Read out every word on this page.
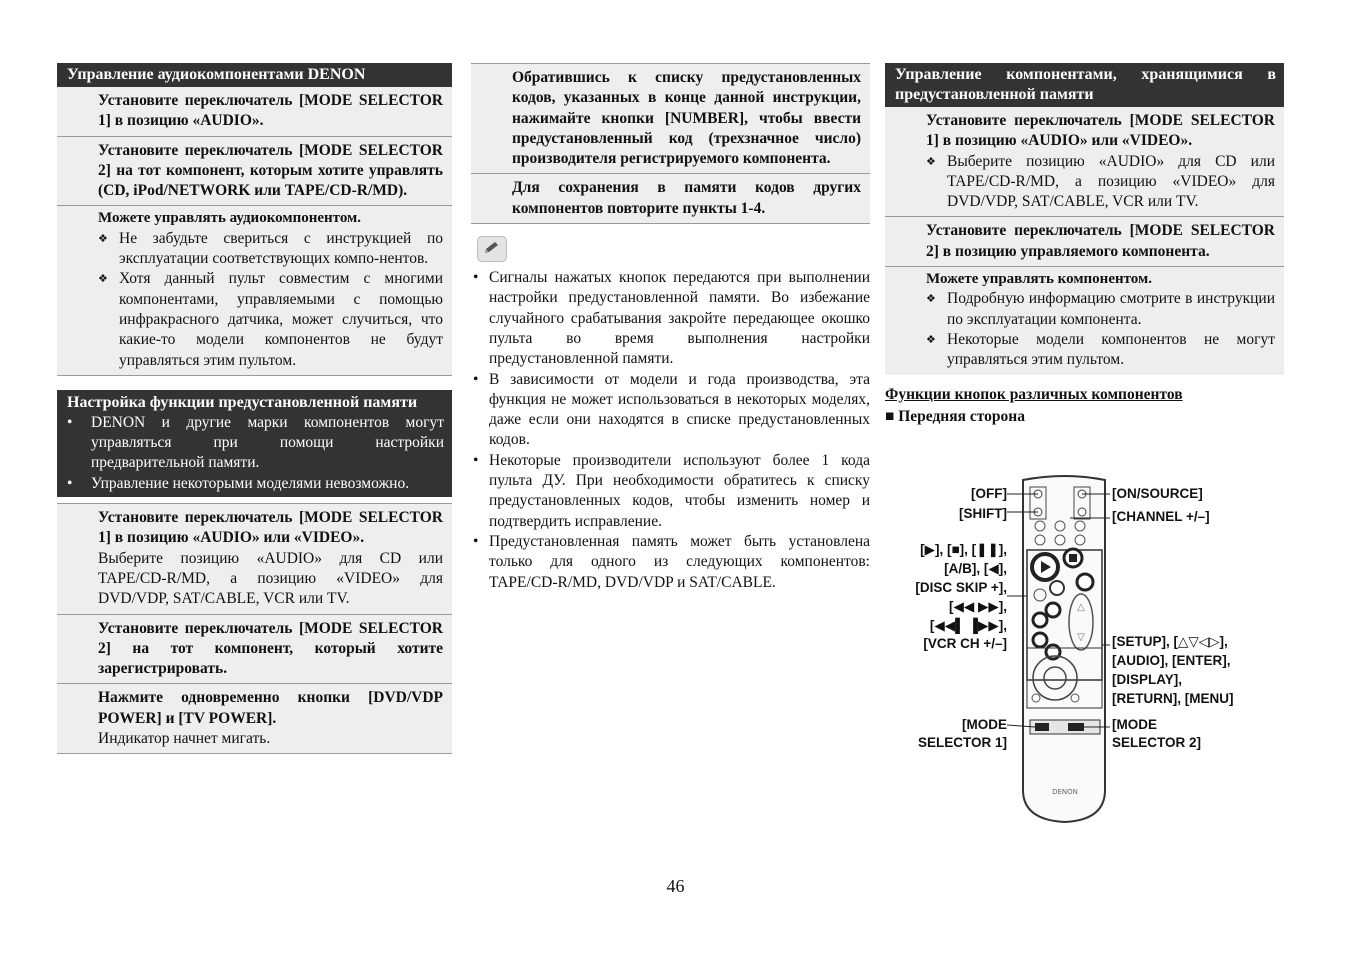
Управление аудиокомпонентами DENON
Установите переключатель [MODE SELECTOR 1] в позицию «AUDIO».
Установите переключатель [MODE SELECTOR 2] на тот компонент, которым хотите управлять (CD, iPod/NETWORK или TAPE/CD-R/MD).
Можете управлять аудиокомпонентом.
❖ Не забудьте свериться с инструкцией по эксплуатации соответствующих компо-нентов.
❖ Хотя данный пульт совместим с многими компонентами, управляемыми с помощью инфракрасного датчика, может случиться, что какие-то модели компонентов не будут управляться этим пультом.
Настройка функции предустановленной памяти
• DENON и другие марки компонентов могут управляться при помощи настройки предварительной памяти.
• Управление некоторыми моделями невозможно.
Установите переключатель [MODE SELECTOR 1] в позицию «AUDIO» или «VIDEO».
Выберите позицию «AUDIO» для CD или TAPE/CD-R/MD, а позицию «VIDEO» для DVD/VDP, SAT/CABLE, VCR или TV.
Установите переключатель [MODE SELECTOR 2] на тот компонент, который хотите зарегистрировать.
Нажмите одновременно кнопки [DVD/VDP POWER] и [TV POWER].
Индикатор начнет мигать.
Обратившись к списку предустановленных кодов, указанных в конце данной инструкции, нажимайте кнопки [NUMBER], чтобы ввести предустановленный код (трехзначное число) производителя регистрируемого компонента.
Для сохранения в памяти кодов других компонентов повторите пункты 1-4.
• Сигналы нажатых кнопок передаются при выполнении настройки предустановленной памяти. Во избежание случайного срабатывания закройте передающее окошко пульта во время выполнения настройки предустановленной памяти.
• В зависимости от модели и года производства, эта функция не может использоваться в некоторых моделях, даже если они находятся в списке предустановленных кодов.
• Некоторые производители используют более 1 кода пульта ДУ. При необходимости обратитесь к списку предустановленных кодов, чтобы изменить номер и подтвердить исправление.
• Предустановленная память может быть установлена только для одного из следующих компонентов: TAPE/CD-R/MD, DVD/VDP и SAT/CABLE.
Управление компонентами, хранящимися в предустановленной памяти
Установите переключатель [MODE SELECTOR 1] в позицию «AUDIO» или «VIDEO».
❖ Выберите позицию «AUDIO» для CD или TAPE/CD-R/MD, а позицию «VIDEO» для DVD/VDP, SAT/CABLE, VCR или TV.
Установите переключатель [MODE SELECTOR 2] в позицию управляемого компонента.
Можете управлять компонентом.
❖ Подробную информацию смотрите в инструкции по эксплуатации компонента.
❖ Некоторые модели компонентов не могут управляться этим пультом.
Функции кнопок различных компонентов
■ Передняя сторона
△
▽
DENON
[OFF]
[SHIFT]
[▶], [■], [❚❚],
[A/B], [◀],
[DISC SKIP +],
[◀◀ ▶▶],
[◀◀▌ ▐▶▶],
[VCR CH +/–]
[MODE
SELECTOR 1]
[ON/SOURCE]
[CHANNEL +/–]
[SETUP], [△▽◁▷],
[AUDIO], [ENTER],
[DISPLAY],
[RETURN], [MENU]
[MODE
SELECTOR 2]
46
